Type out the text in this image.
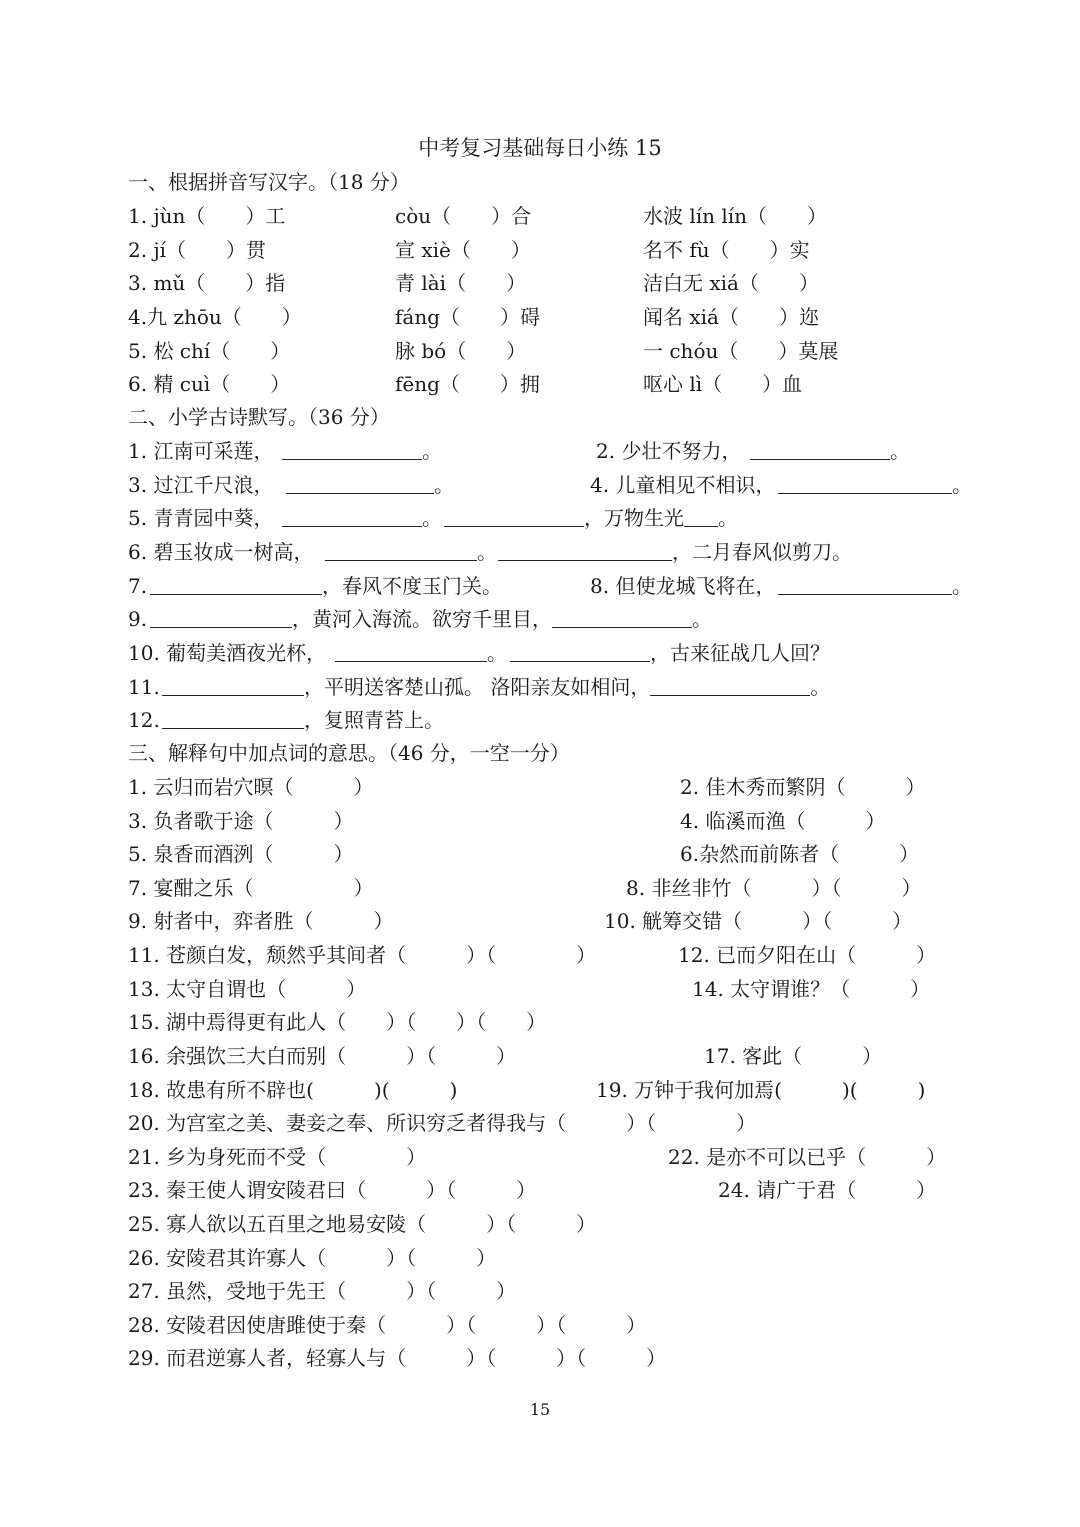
中考复习基础每日小练 15
一、根据拼音写汉字。（18 分）
1. jùn（　　）工	còu（　　）合	水波 lín lín（　　）
2. jí（　　）贯	宣 xiè（　　）	名不 fù（　　）实
3. mǔ（　　）指	青 lài（　　）	洁白无 xiá（　　）
4.九 zhōu（　　）	fáng（　　）碍	闻名 xiá（　　）迩
5. 松 chí（　　）	脉 bó（　　）	一 chóu（　　）莫展
6. 精 cuì（　　）	fēng（　　）拥	呕心 lì（　　）血
二、小学古诗默写。（36 分）
1. 江南可采莲，	。	2. 少壮不努力，	。
3. 过江千尺浪，	。	4. 儿童相见不相识，	。
5. 青青园中葵，	。	，万物生光 。
6. 碧玉妆成一树高，	。	，二月春风似剪刀。
7.	，春风不度玉门关。	8. 但使龙城飞将在，	。
9.	，黄河入海流。欲穷千里目，	。
10. 葡萄美酒夜光杯，	。	，古来征战几人回？
11.	，平明送客楚山孤。 洛阳亲友如相问，	。
12.	，复照青苔上。
三、解释句中加点词的意思。（46 分，一空一分）
1. 云归而岩穴暝（　　　）	2. 佳木秀而繁阴（　　　）
3. 负者歌于途（　　　）	4. 临溪而渔（　　　）
5. 泉香而酒洌（　　　）	6.杂然而前陈者（　　　）
7. 宴酣之乐（　　　　　）	8. 非丝非竹（　　　）（　　　）
9. 射者中，弈者胜（　　　）	10. 觥筹交错（　　　）（　　　）
11. 苍颜白发，颓然乎其间者（　　　）（　　　　）	12. 已而夕阳在山（　　　）
13. 太守自谓也（　　　）	14. 太守谓谁？（　　　）
15. 湖中焉得更有此人（　　）（　　）（　　）
16. 余强饮三大白而别（　　　）（　　　）	17. 客此（　　　）
18. 故患有所不辟也(　　　)(　　　)	19. 万钟于我何加焉(　　　)(　　　)
20. 为宫室之美、妻妾之奉、所识穷乏者得我与（　　　）（　　　　）
21. 乡为身死而不受（　　　　）	22. 是亦不可以已乎（　　　）
23. 秦王使人谓安陵君曰（　　　）（　　　）	24. 请广于君（　　　）
25. 寡人欲以五百里之地易安陵（　　　）（　　　）
26. 安陵君其许寡人（　　　）（　　　）
27. 虽然，受地于先王（　　　）（　　　）
28. 安陵君因使唐雎使于秦（　　　）（　　　）（　　　）
29. 而君逆寡人者，轻寡人与（　　　）（　　　）（　　　）
15
